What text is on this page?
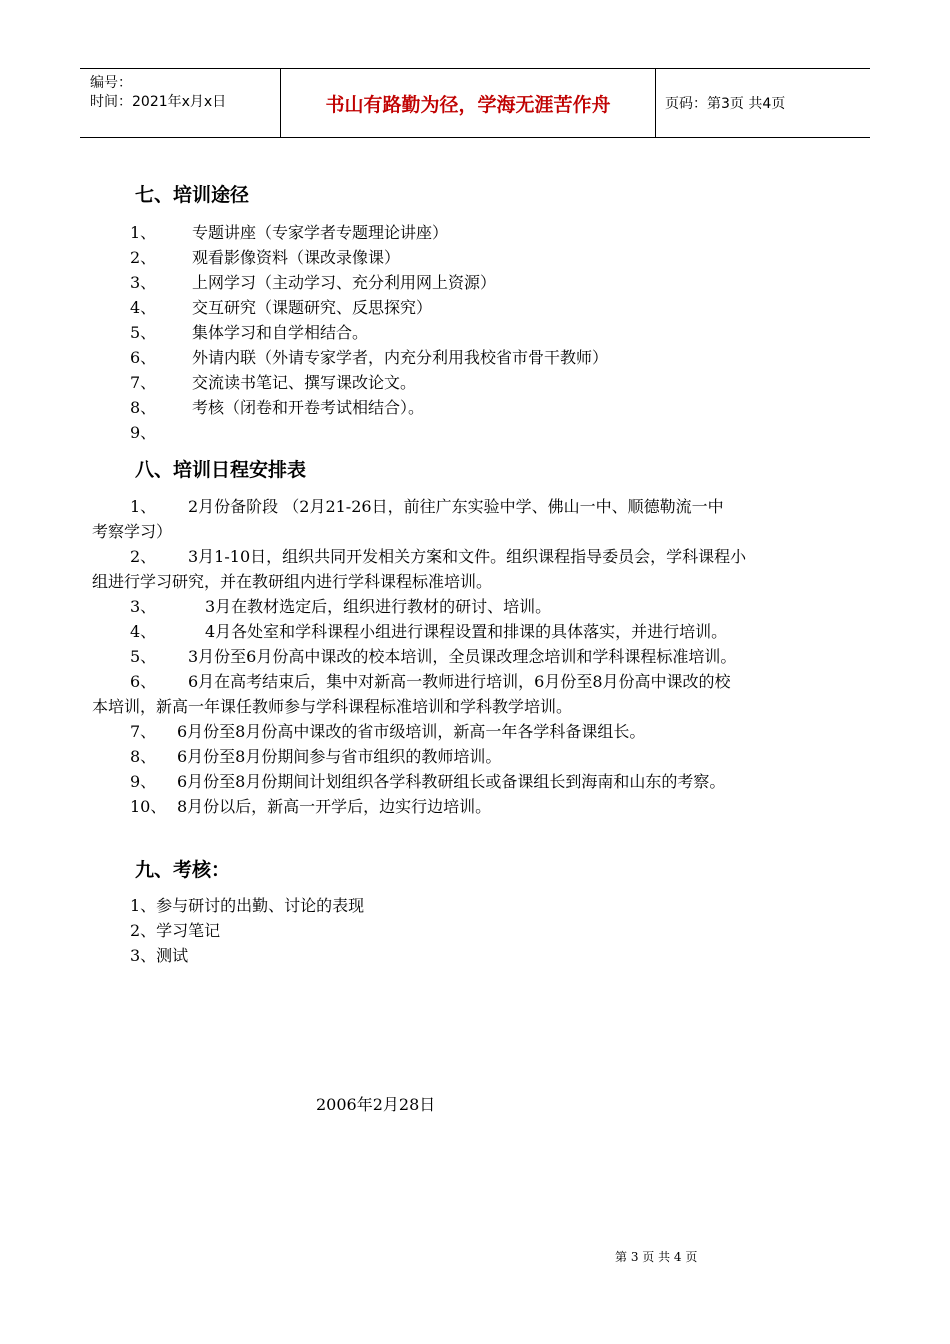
编号：
时间：2021年x月x日	书山有路勤为径，学海无涯苦作舟	页码：第3页 共4页
七、培训途径
1、 专题讲座（专家学者专题理论讲座）
2、 观看影像资料（课改录像课）
3、 上网学习（主动学习、充分利用网上资源）
4、 交互研究（课题研究、反思探究）
5、 集体学习和自学相结合。
6、 外请内联（外请专家学者，内充分利用我校省市骨干教师）
7、 交流读书笔记、撰写课改论文。
8、 考核（闭卷和开卷考试相结合）。
9、
八、培训日程安排表
1、 2月份备阶段 （2月21-26日，前往广东实验中学、佛山一中、顺德勒流一中
考察学习）
2、 3月1-10日，组织共同开发相关方案和文件。组织课程指导委员会，学科课程小
组进行学习研究，并在教研组内进行学科课程标准培训。
3、	3月在教材选定后，组织进行教材的研讨、培训。
4、	4月各处室和学科课程小组进行课程设置和排课的具体落实，并进行培训。
5、 3月份至6月份高中课改的校本培训，全员课改理念培训和学科课程标准培训。
6、 6月在高考结束后，集中对新高一教师进行培训，6月份至8月份高中课改的校
本培训，新高一年课任教师参与学科课程标准培训和学科教学培训。
7、 6月份至8月份高中课改的省市级培训，新高一年各学科备课组长。
8、 6月份至8月份期间参与省市组织的教师培训。
9、 6月份至8月份期间计划组织各学科教研组长或备课组长到海南和山东的考察。
10、 8月份以后，新高一开学后，边实行边培训。
九、考核：
1、参与研讨的出勤、讨论的表现
2、学习笔记
3、测试
2006年2月28日
第 3 页 共 4 页
